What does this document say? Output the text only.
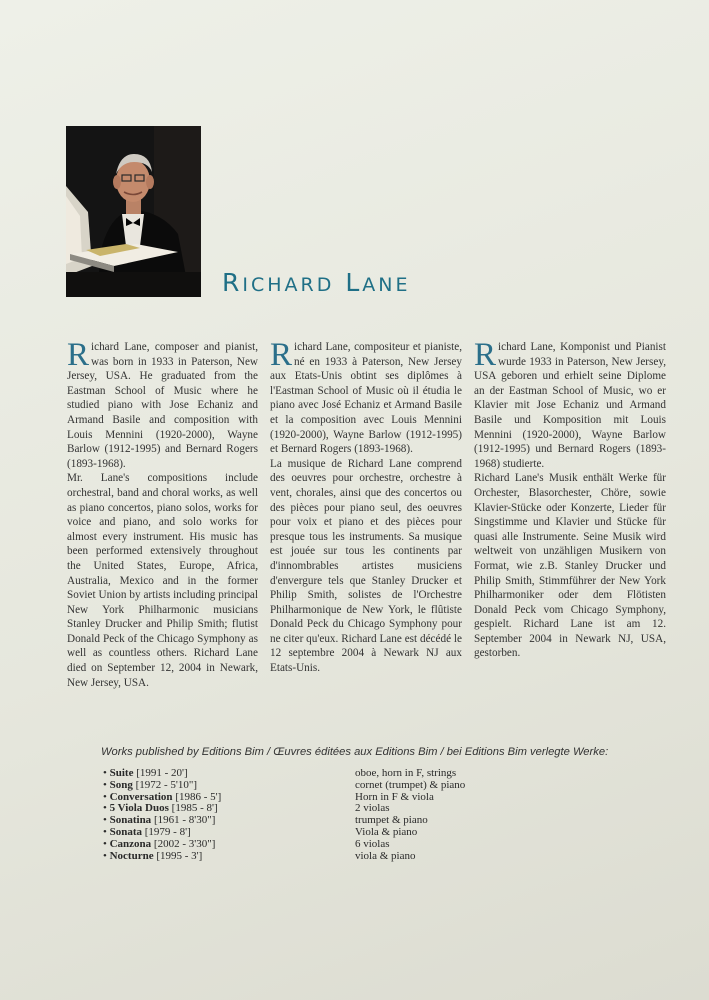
RICHARD LANE

Richard Lane, composer and pianist, was born in 1933 in Paterson, New Jersey, USA. He graduated from the Eastman School of Music where he studied piano with Jose Echaniz and Armand Basile and composition with Louis Mennini (1920-2000), Wayne Barlow (1912-1995) and Bernard Rogers (1893-1968).

Mr. Lane's compositions include orchestral, band and choral works, as well as piano concertos, piano solos, works for voice and piano, and solo works for almost every instrument. His music has been performed extensively throughout the United States, Europe, Africa, Australia, Mexico and in the former Soviet Union by artists including principal New York Philharmonic musicians Stanley Drucker and Philip Smith; flutist Donald Peck of the Chicago Symphony as well as countless others. Richard Lane died on September 12, 2004 in Newark, New Jersey, USA.

Richard Lane, compositeur et pianiste, né en 1933 à Paterson, New Jersey aux Etats-Unis obtint ses diplômes à l'Eastman School of Music où il étudia le piano avec José Echaniz et Armand Basile et la composition avec Louis Mennini (1920-2000), Wayne Barlow (1912-1995) et Bernard Rogers (1893-1968).

La musique de Richard Lane comprend des oeuvres pour orchestre, orchestre à vent, chorales, ainsi que des concertos ou des pièces pour piano seul, des oeuvres pour voix et piano et des pièces pour presque tous les instruments. Sa musique est jouée sur tous les continents par d'innombrables artistes musiciens d'envergure tels que Stanley Drucker et Philip Smith, solistes de l'Orchestre Philharmonique de New York, le flûtiste Donald Peck du Chicago Symphony pour ne citer qu'eux. Richard Lane est décédé le 12 septembre 2004 à Newark NJ aux Etats-Unis.

Richard Lane, Komponist und Pianist wurde 1933 in Paterson, New Jersey, USA geboren und erhielt seine Diplome an der Eastman School of Music, wo er Klavier mit Jose Echaniz und Armand Basile und Komposition mit Louis Mennini (1920-2000), Wayne Barlow (1912-1995) und Bernard Rogers (1893-1968) studierte.

Richard Lane's Musik enthält Werke für Orchester, Blasorchester, Chöre, sowie Klavier-Stücke oder Konzerte, Lieder für Singstimme und Klavier und Stücke für quasi alle Instrumente. Seine Musik wird weltweit von unzähligen Musikern von Format, wie z.B. Stanley Drucker und Philip Smith, Stimmführer der New York Philharmoniker oder dem Flötisten Donald Peck vom Chicago Symphony, gespielt. Richard Lane ist am 12. September 2004 in Newark NJ, USA, gestorben.

Works published by Editions Bim / Œuvres éditées aux Editions Bim / bei Editions Bim verlegte Werke:
• Suite [1991 - 20']	oboe, horn in F, strings
• Song [1972 - 5'10"]	cornet (trumpet) & piano
• Conversation [1986 - 5']	Horn in F & viola
• 5 Viola Duos [1985 - 8']	2 violas
• Sonatina [1961 - 8'30"]	trumpet & piano
• Sonata [1979 - 8']	Viola & piano
• Canzona [2002 - 3'30"]	6 violas
• Nocturne [1995 - 3']	viola & piano
